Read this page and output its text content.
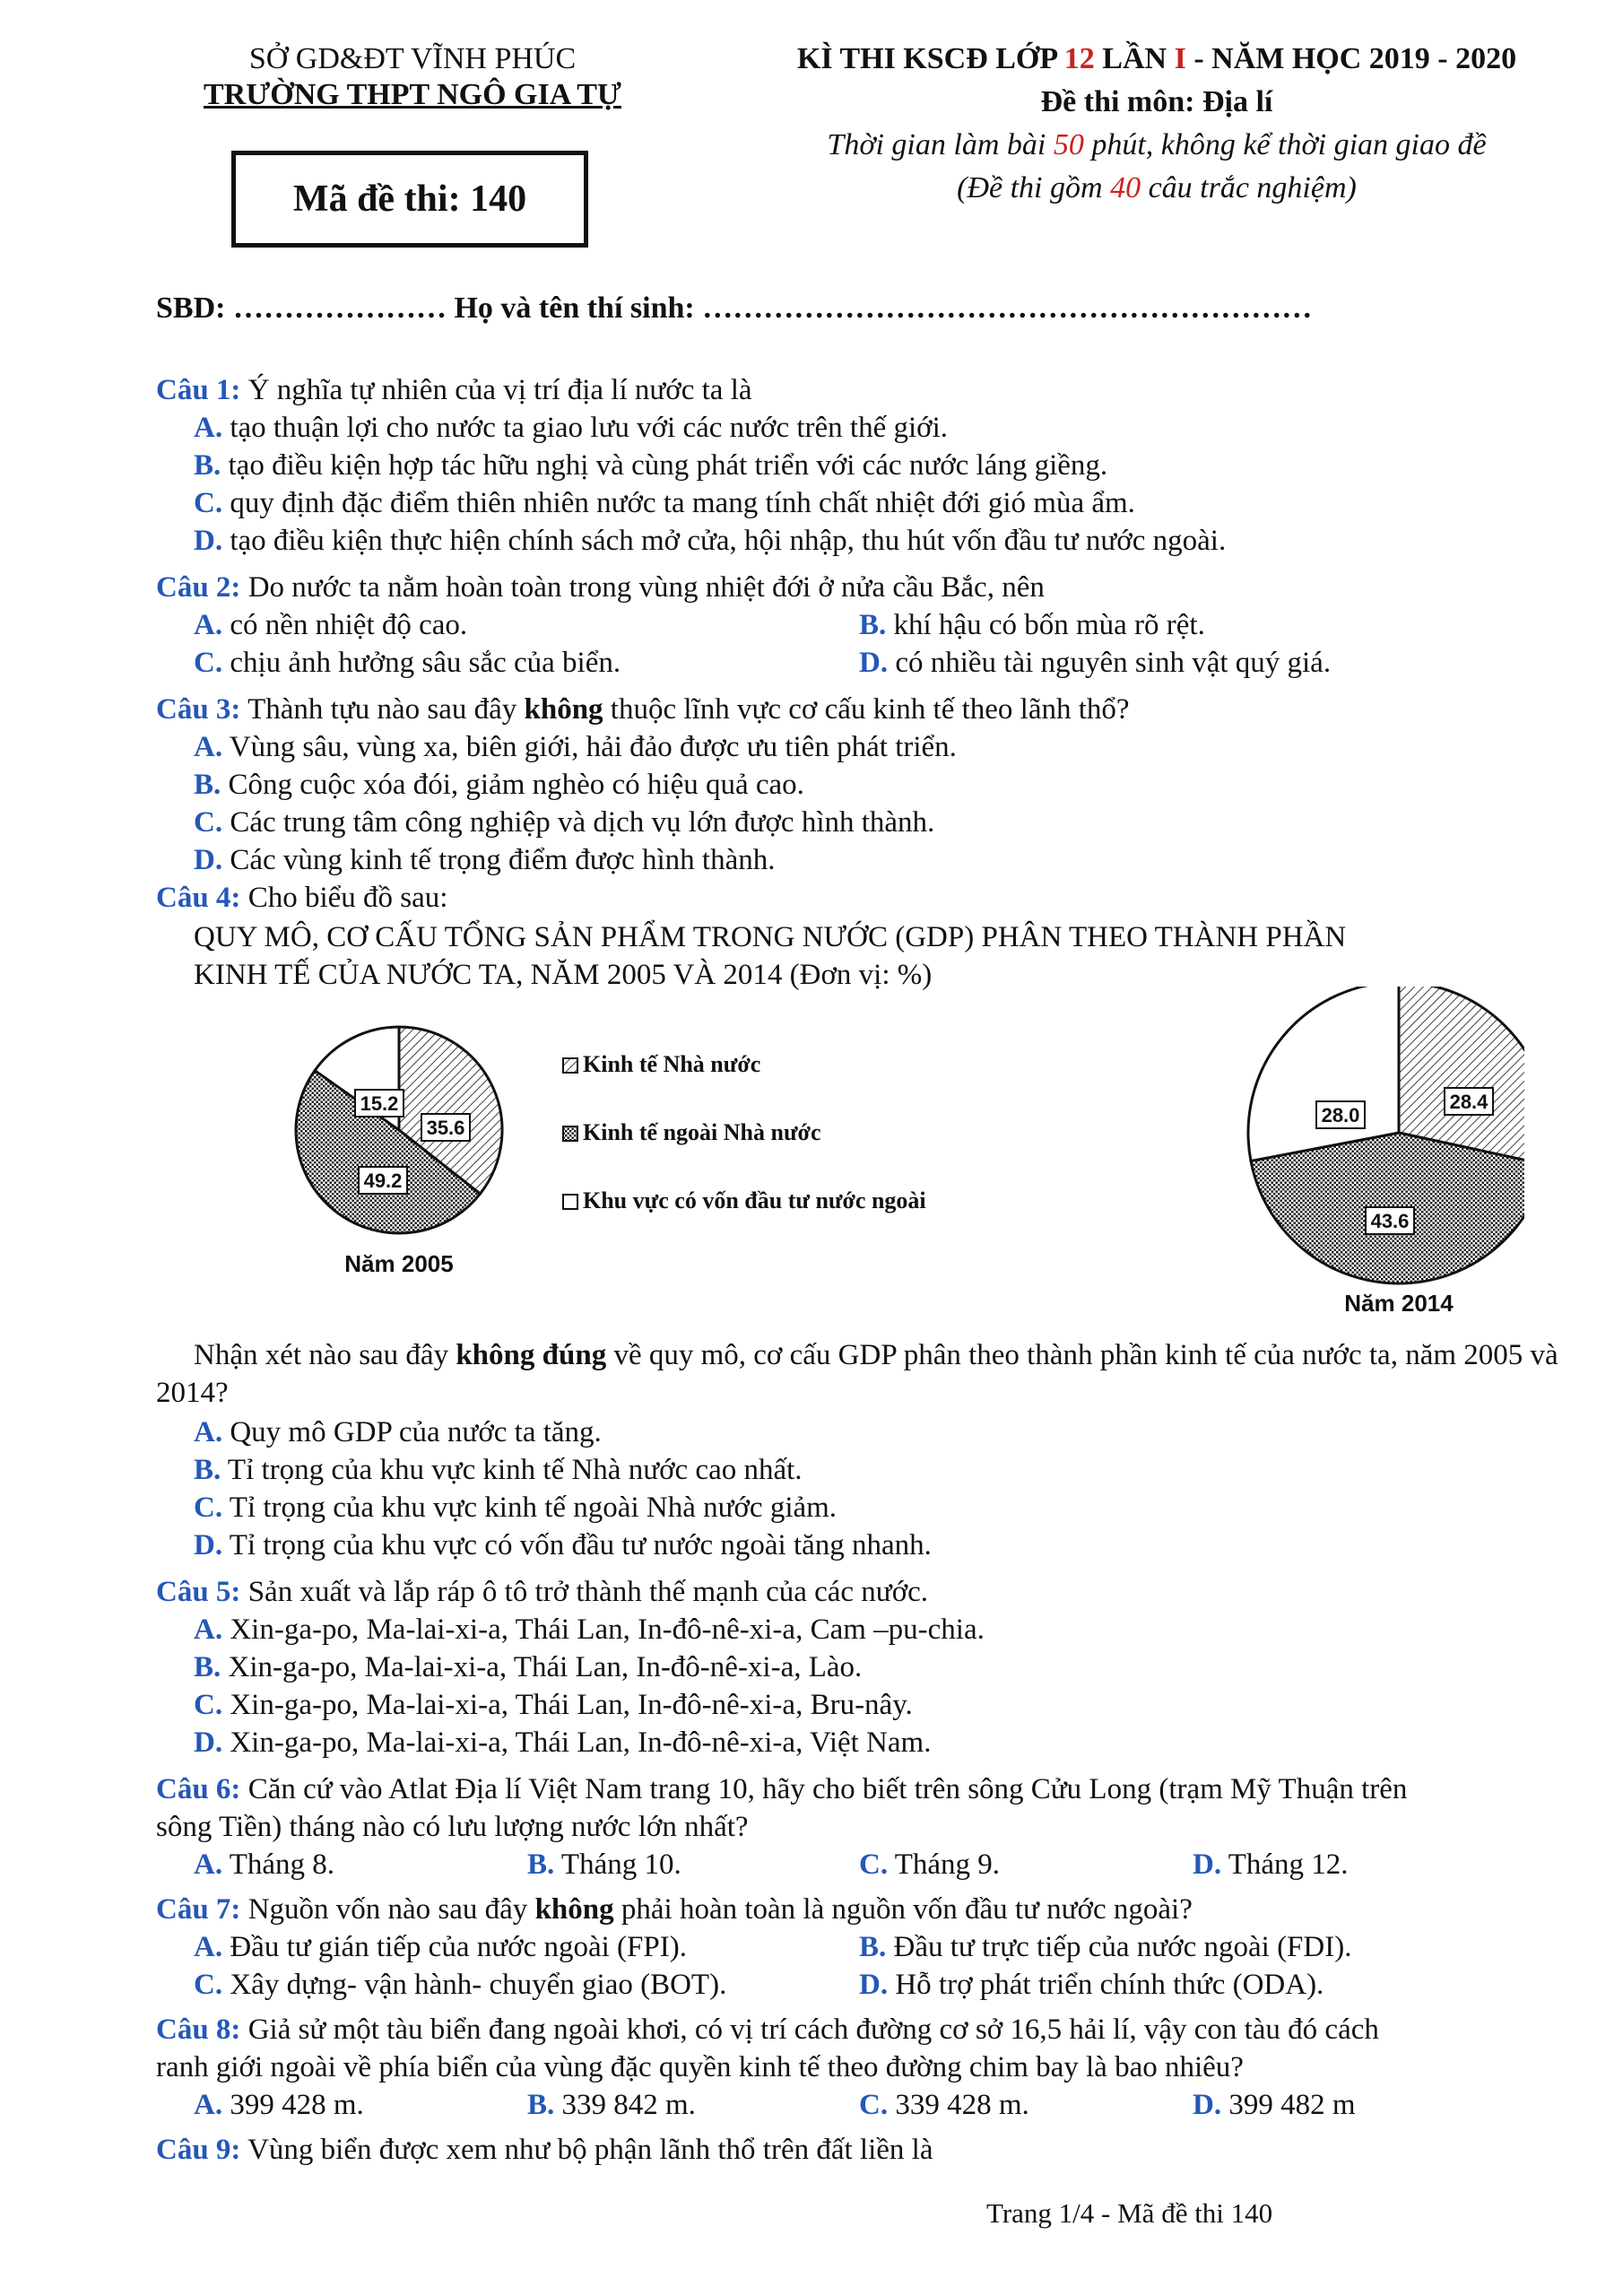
SỞ GD&ĐT VĨNH PHÚC
TRƯỜNG THPT NGÔ GIA TỰ
Mã đề thi: 140
KÌ THI KSCĐ LỚP 12 LẦN I - NĂM HỌC 2019 - 2020
Đề thi môn: Địa lí
Thời gian làm bài 50 phút, không kể thời gian giao đề
(Đề thi gồm 40 câu trắc nghiệm)
SBD: ………………… Họ và tên thí sinh: ……………………………………………………
Câu 1: Ý nghĩa tự nhiên của vị trí địa lí nước ta là
A. tạo thuận lợi cho nước ta giao lưu với các nước trên thế giới.
B. tạo điều kiện hợp tác hữu nghị và cùng phát triển với các nước láng giềng.
C. quy định đặc điểm thiên nhiên nước ta mang tính chất nhiệt đới gió mùa ẩm.
D. tạo điều kiện thực hiện chính sách mở cửa, hội nhập, thu hút vốn đầu tư nước ngoài.
Câu 2: Do nước ta nằm hoàn toàn trong vùng nhiệt đới ở nửa cầu Bắc, nên
A. có nền nhiệt độ cao.	B. khí hậu có bốn mùa rõ rệt.
C. chịu ảnh hưởng sâu sắc của biển.	D. có nhiều tài nguyên sinh vật quý giá.
Câu 3: Thành tựu nào sau đây không thuộc lĩnh vực cơ cấu kinh tế theo lãnh thổ?
A. Vùng sâu, vùng xa, biên giới, hải đảo được ưu tiên phát triển.
B. Công cuộc xóa đói, giảm nghèo có hiệu quả cao.
C. Các trung tâm công nghiệp và dịch vụ lớn được hình thành.
D. Các vùng kinh tế trọng điểm được hình thành.
Câu 4: Cho biểu đồ sau:
QUY MÔ, CƠ CẤU TỔNG SẢN PHẨM TRONG NƯỚC (GDP) PHÂN THEO THÀNH PHẦN
KINH TẾ CỦA NƯỚC TA, NĂM 2005 VÀ 2014 (Đơn vị: %)
35.6
49.2
15.2	28.4
43.6
28.0
Năm 2005
Năm 2014
Kinh tế Nhà nước
Kinh tế ngoài Nhà nước
Khu vực có vốn đầu tư nước ngoài
Nhận xét nào sau đây không đúng về quy mô, cơ cấu GDP phân theo thành phần kinh tế của nước ta, năm 2005 và
2014?
A. Quy mô GDP của nước ta tăng.
B. Tỉ trọng của khu vực kinh tế Nhà nước cao nhất.
C. Tỉ trọng của khu vực kinh tế ngoài Nhà nước giảm.
D. Tỉ trọng của khu vực có vốn đầu tư nước ngoài tăng nhanh.
Câu 5: Sản xuất và lắp ráp ô tô trở thành thế mạnh của các nước.
A. Xin-ga-po, Ma-lai-xi-a, Thái Lan, In-đô-nê-xi-a, Cam –pu-chia.
B. Xin-ga-po, Ma-lai-xi-a, Thái Lan, In-đô-nê-xi-a, Lào.
C. Xin-ga-po, Ma-lai-xi-a, Thái Lan, In-đô-nê-xi-a, Bru-nây.
D. Xin-ga-po, Ma-lai-xi-a, Thái Lan, In-đô-nê-xi-a, Việt Nam.
Câu 6: Căn cứ vào Atlat Địa lí Việt Nam trang 10, hãy cho biết trên sông Cửu Long (trạm Mỹ Thuận trên
sông Tiền) tháng nào có lưu lượng nước lớn nhất?
A. Tháng 8.	B. Tháng 10.	C. Tháng 9.	D. Tháng 12.
Câu 7: Nguồn vốn nào sau đây không phải hoàn toàn là nguồn vốn đầu tư nước ngoài?
A. Đầu tư gián tiếp của nước ngoài (FPI).	B. Đầu tư trực tiếp của nước ngoài (FDI).
C. Xây dựng- vận hành- chuyển giao (BOT).	D. Hỗ trợ phát triển chính thức (ODA).
Câu 8: Giả sử một tàu biển đang ngoài khơi, có vị trí cách đường cơ sở 16,5 hải lí, vậy con tàu đó cách
ranh giới ngoài về phía biển của vùng đặc quyền kinh tế theo đường chim bay là bao nhiêu?
A. 399 428 m.	B. 339 842 m.	C. 339 428 m.	D. 399 482 m
Câu 9: Vùng biển được xem như bộ phận lãnh thổ trên đất liền là
Trang 1/4 - Mã đề thi 140
